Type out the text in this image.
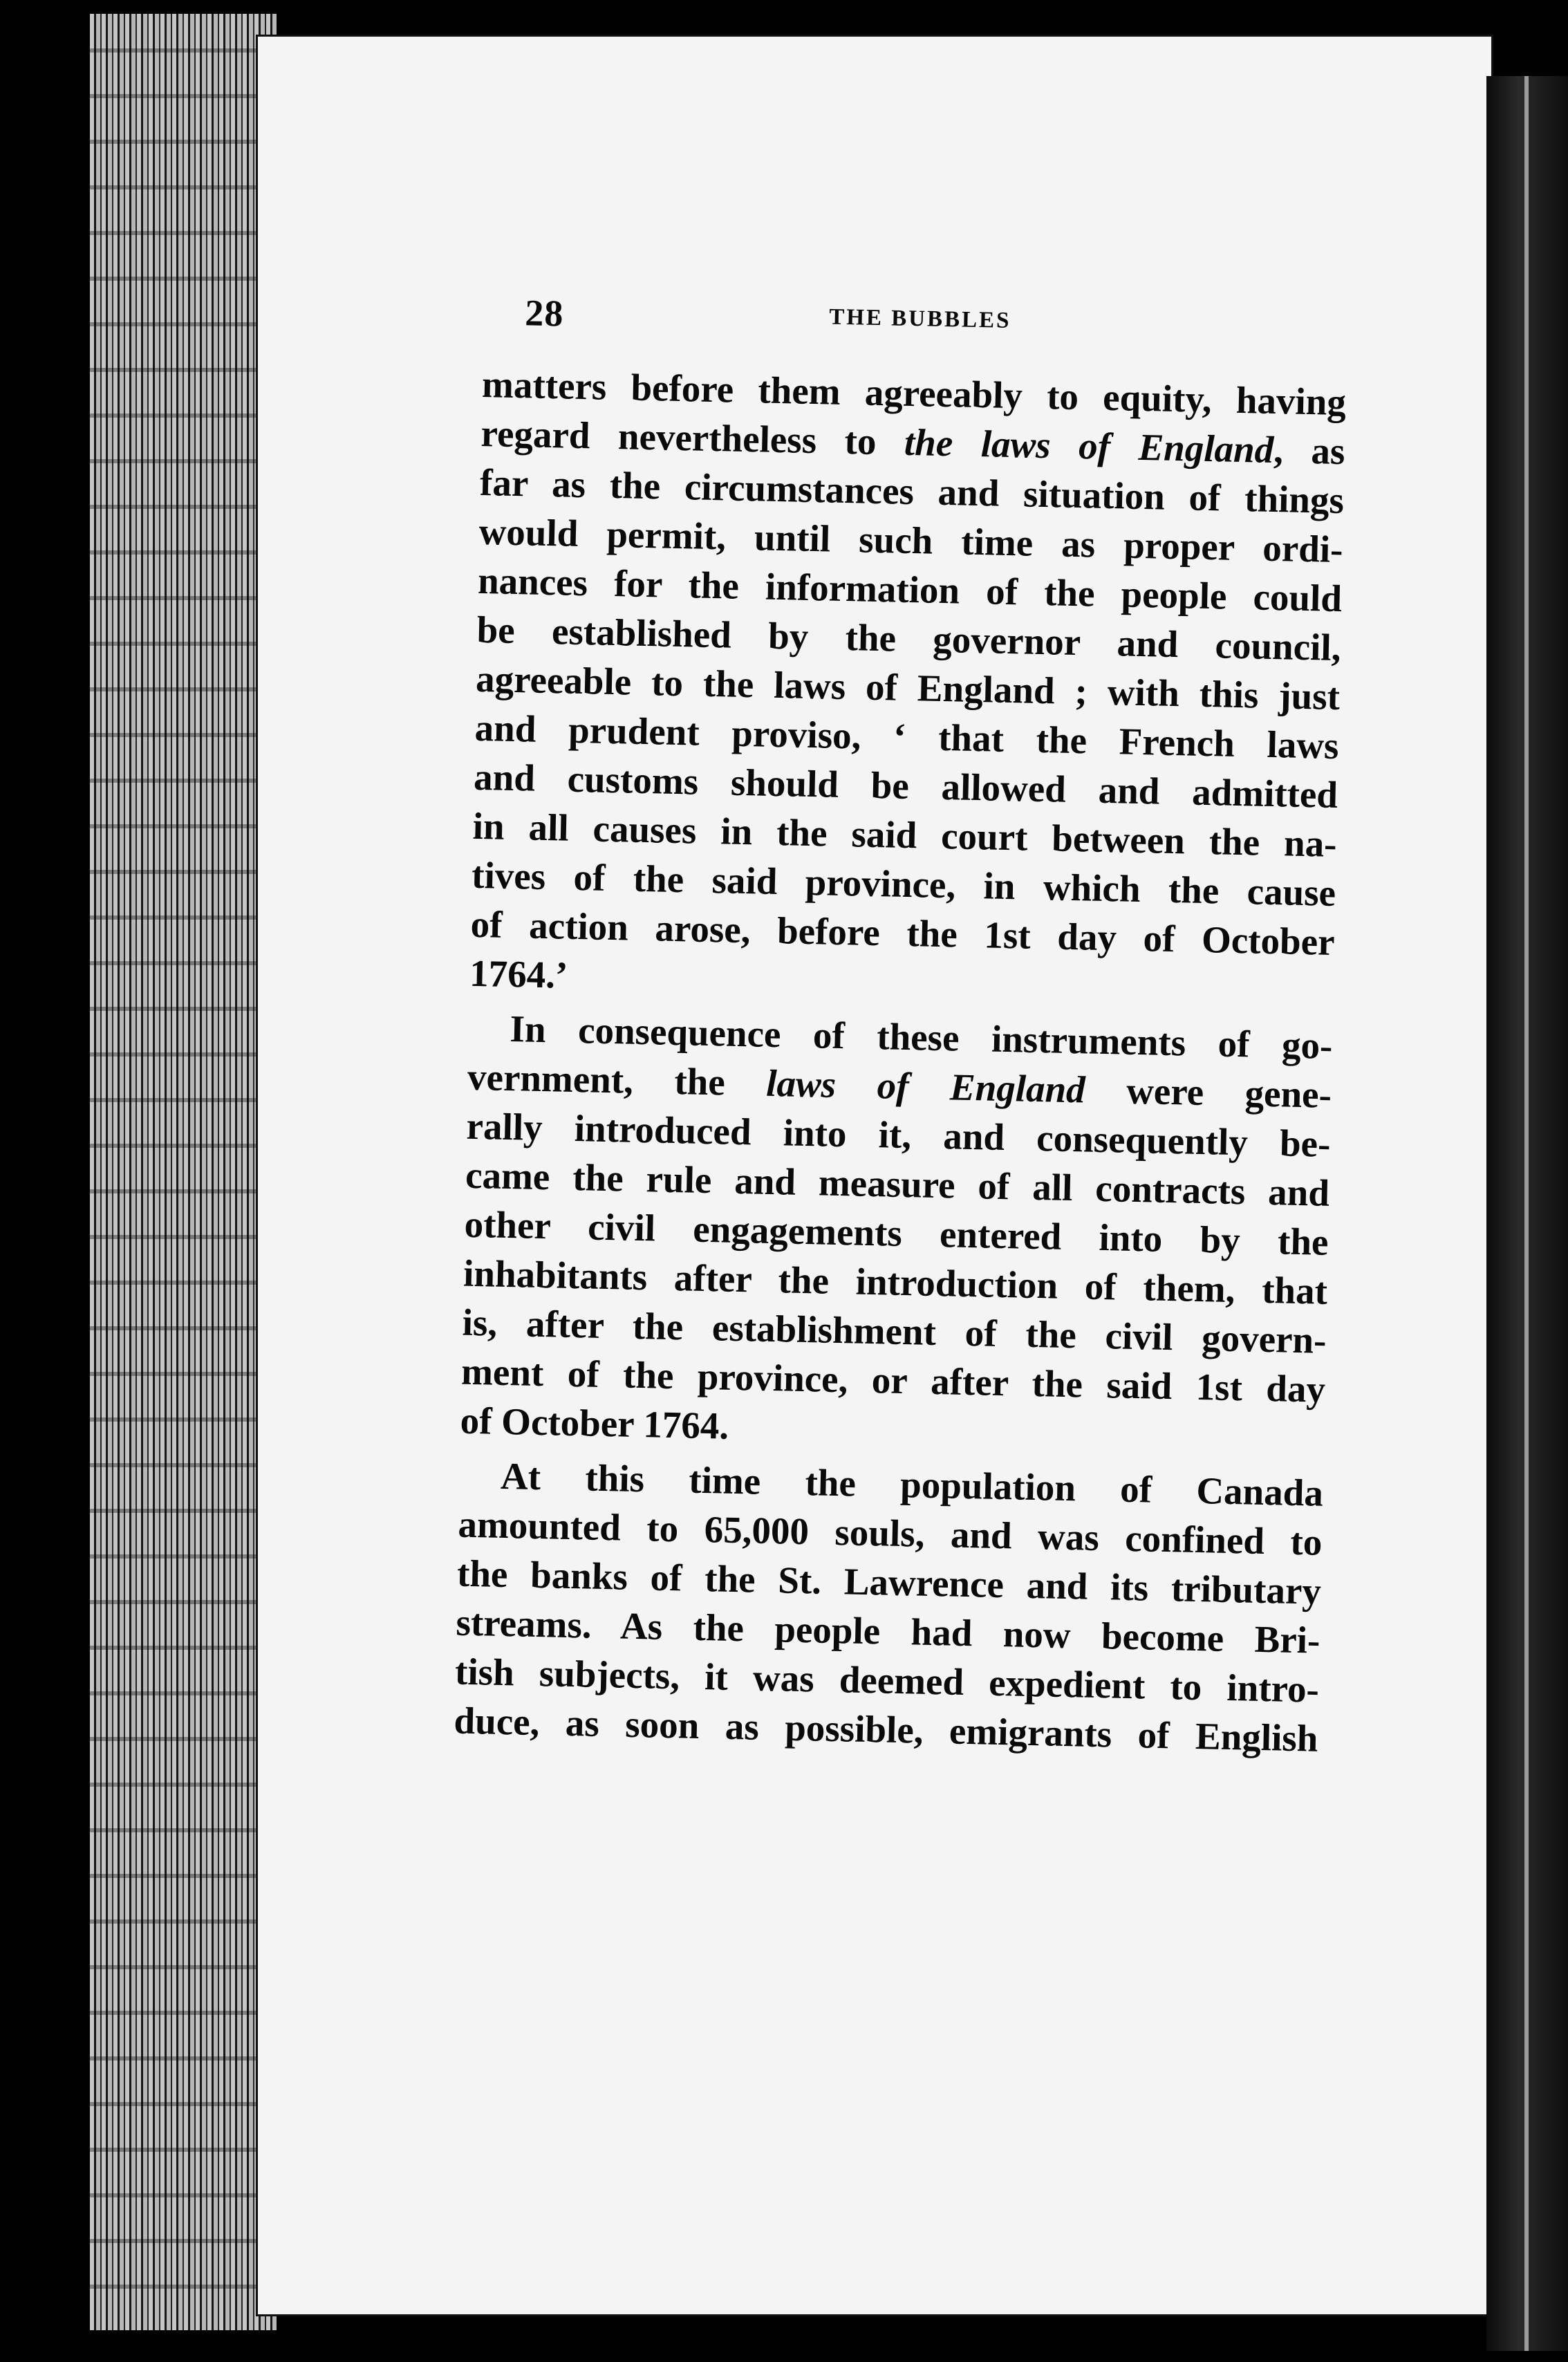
28	THE BUBBLES
matters before them agreeably to equity, having
regard nevertheless to the laws of England, as
far as the circumstances and situation of things
would permit, until such time as proper ordi-
nances for the information of the people could
be established by the governor and council,
agreeable to the laws of England ; with this just
and prudent proviso, ‘ that the French laws
and customs should be allowed and admitted
in all causes in the said court between the na-
tives of the said province, in which the cause
of action arose, before the 1st day of October
1764.’
In consequence of these instruments of go-
vernment, the laws of England were gene-
rally introduced into it, and consequently be-
came the rule and measure of all contracts and
other civil engagements entered into by the
inhabitants after the introduction of them, that
is, after the establishment of the civil govern-
ment of the province, or after the said 1st day
of October 1764.
At this time the population of Canada
amounted to 65,000 souls, and was confined to
the banks of the St. Lawrence and its tributary
streams. As the people had now become Bri-
tish subjects, it was deemed expedient to intro-
duce, as soon as possible, emigrants of English
